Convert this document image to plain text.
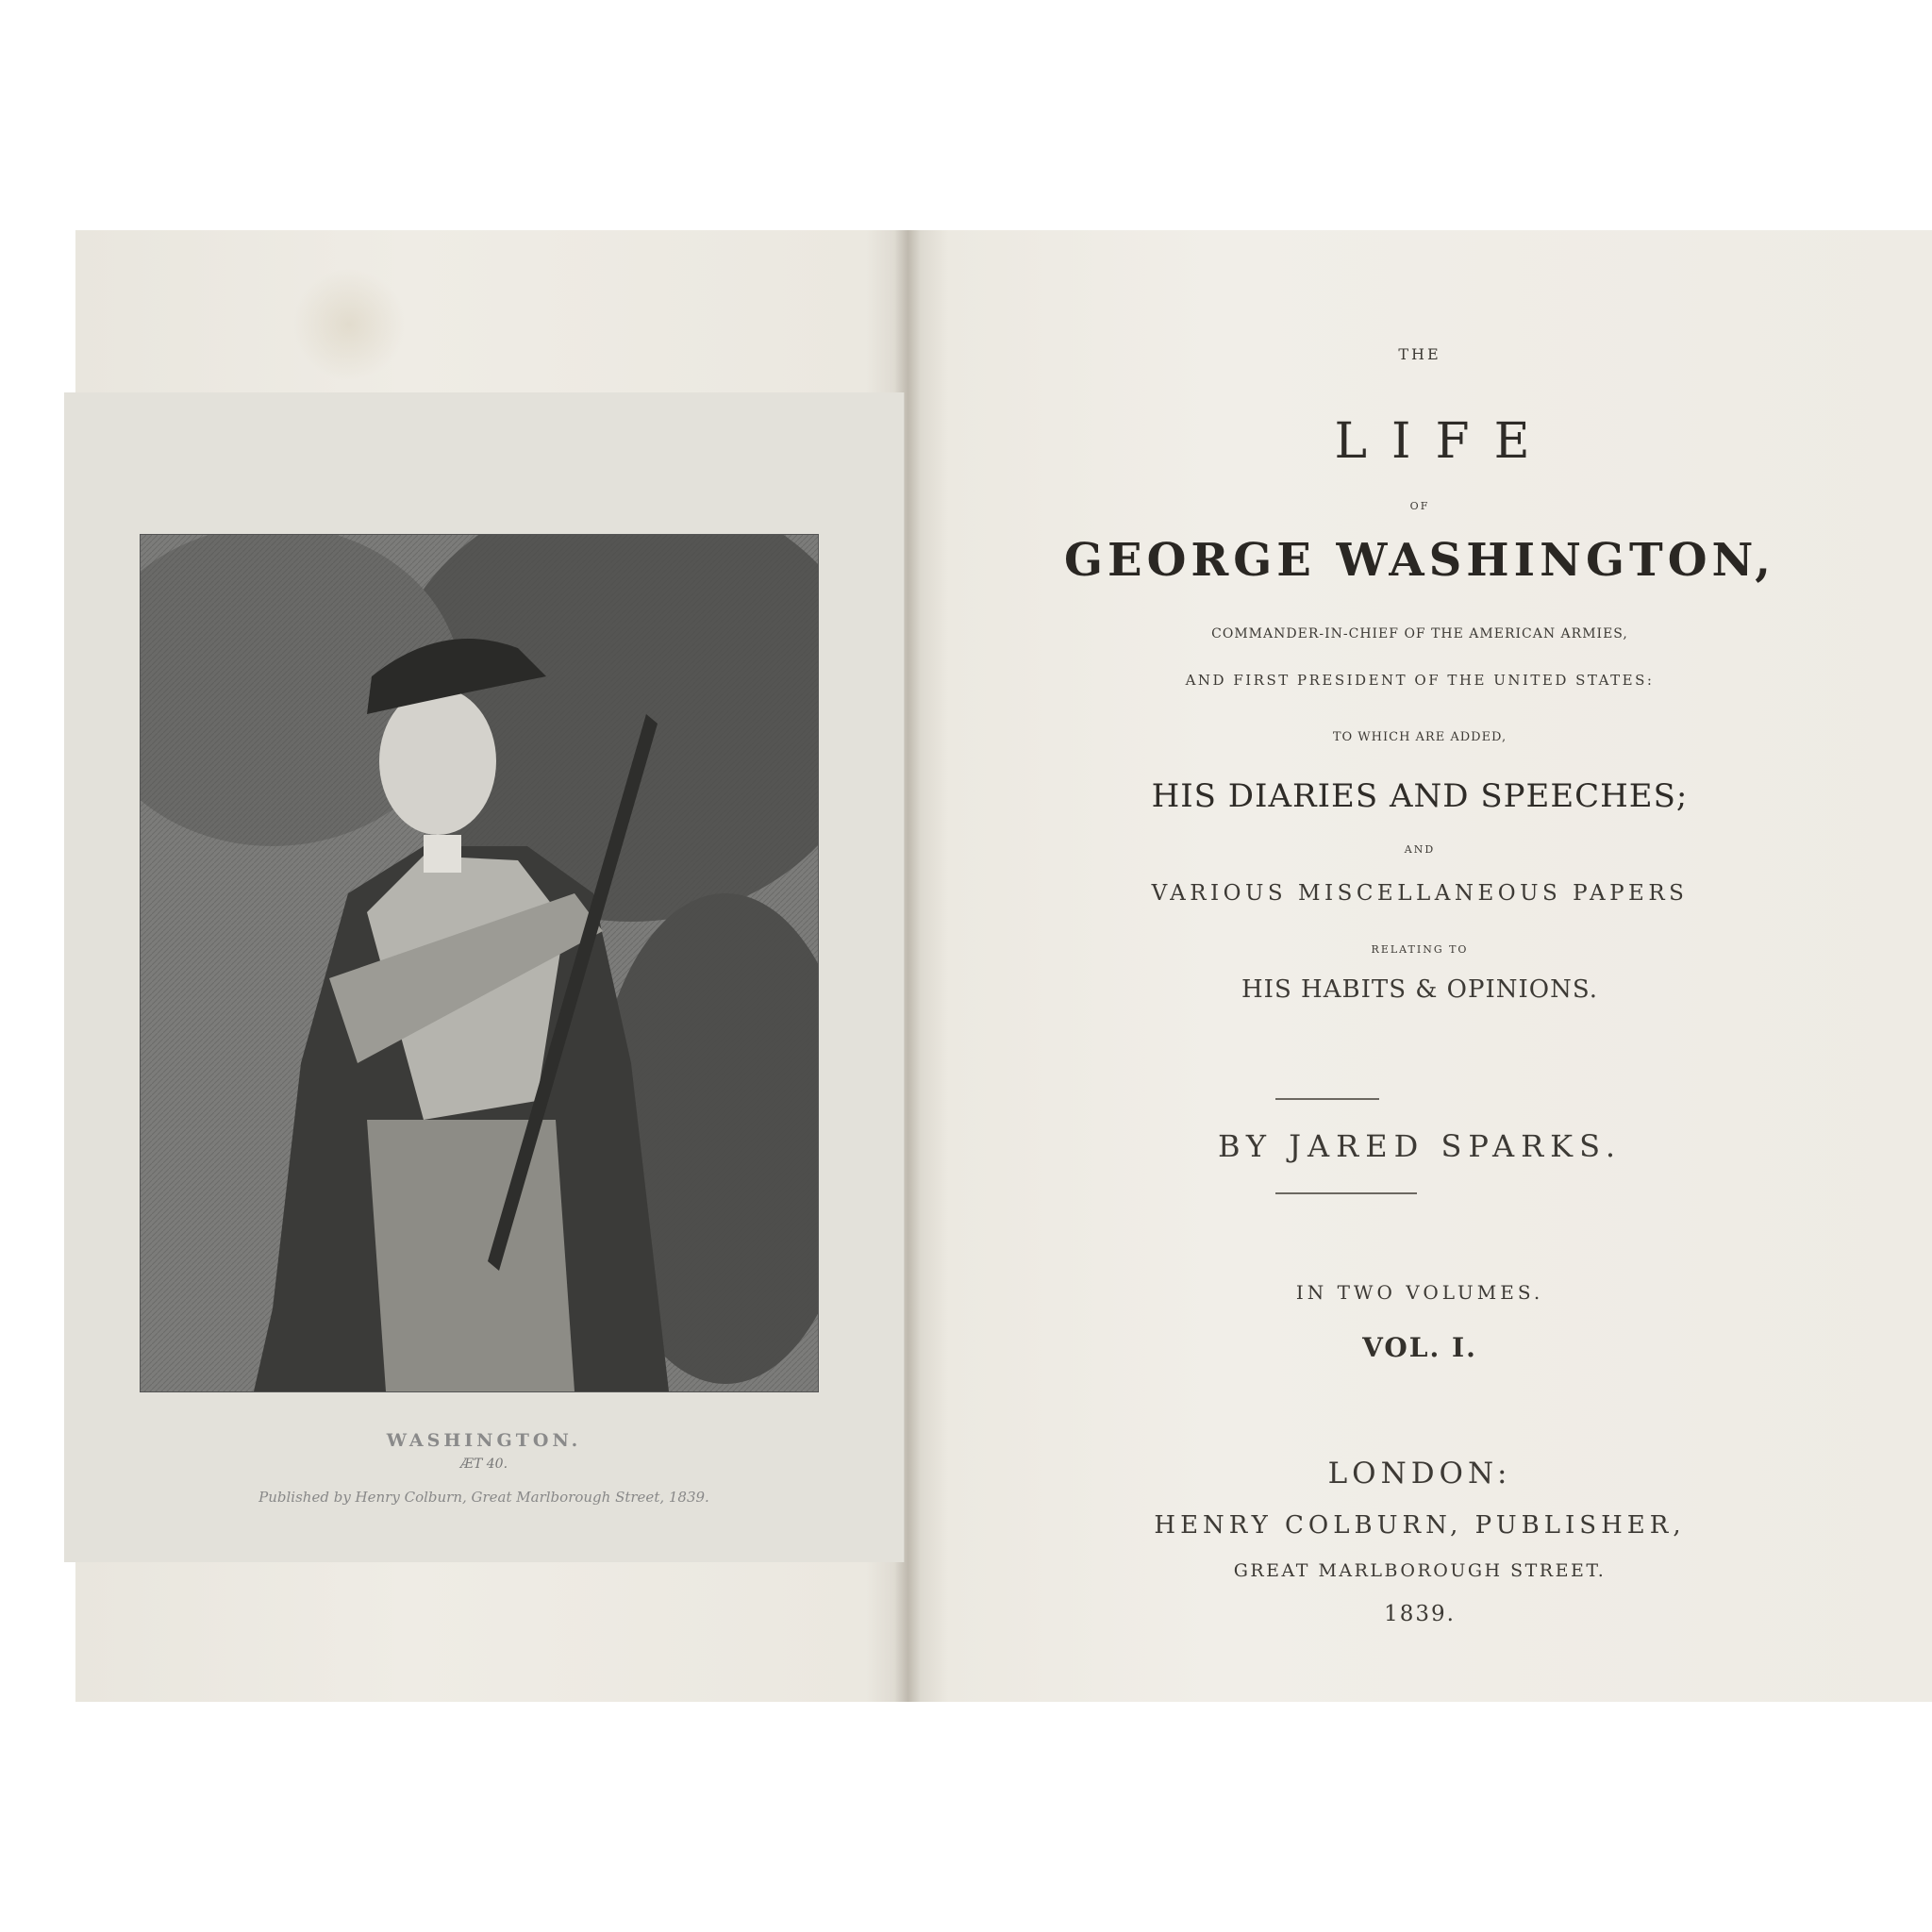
WASHINGTON.
ÆT 40.
Published by Henry Colburn, Great Marlborough Street, 1839.
THE
LIFE
OF
GEORGE WASHINGTON,
COMMANDER-IN-CHIEF OF THE AMERICAN ARMIES,
AND FIRST PRESIDENT OF THE UNITED STATES:
TO WHICH ARE ADDED,
HIS DIARIES AND SPEECHES;
AND
VARIOUS MISCELLANEOUS PAPERS
RELATING TO
HIS HABITS & OPINIONS.
BY JARED SPARKS.
IN TWO VOLUMES.
VOL. I.
LONDON:
HENRY COLBURN, PUBLISHER,
GREAT MARLBOROUGH STREET.
1839.
